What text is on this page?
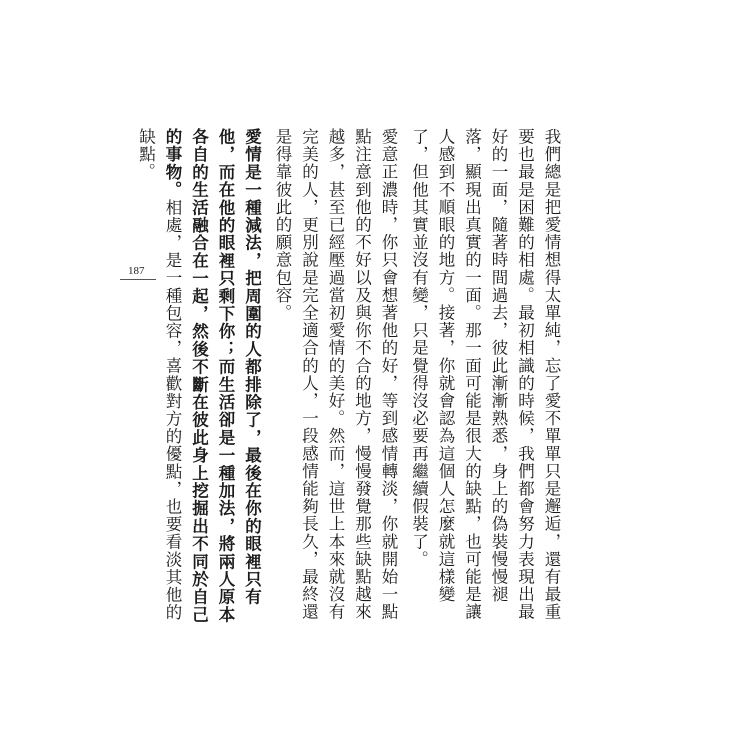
187	我們總是把愛情想得太單純，忘了愛不單單只是邂逅，還有最重要也最是困難的相處。最初相識的時候，我們都會努力表現出最好的一面，隨著時間過去，彼此漸漸熟悉，身上的偽裝慢慢褪落，顯現出真實的一面。那一面可能是很大的缺點，也可能是讓人感到不順眼的地方。接著，你就會認為這個人怎麼就這樣變了，但他其實並沒有變，只是覺得沒必要再繼續假裝了。

愛意正濃時，你只會想著他的好，等到感情轉淡，你就開始一點點注意到他的不好以及與你不合的地方，慢慢發覺那些缺點越來越多，甚至已經壓過當初愛情的美好。然而，這世上本來就沒有完美的人，更別說是完全適合的人，一段感情能夠長久，最終還是得靠彼此的願意包容。

愛情是一種減法，把周圍的人都排除了，最後在你的眼裡只有他，而在他的眼裡只剩下你；而生活卻是一種加法，將兩人原本各自的生活融合在一起，然後不斷在彼此身上挖掘出不同於自己的事物。相處，是一種包容，喜歡對方的優點，也要看淡其他的缺點。
